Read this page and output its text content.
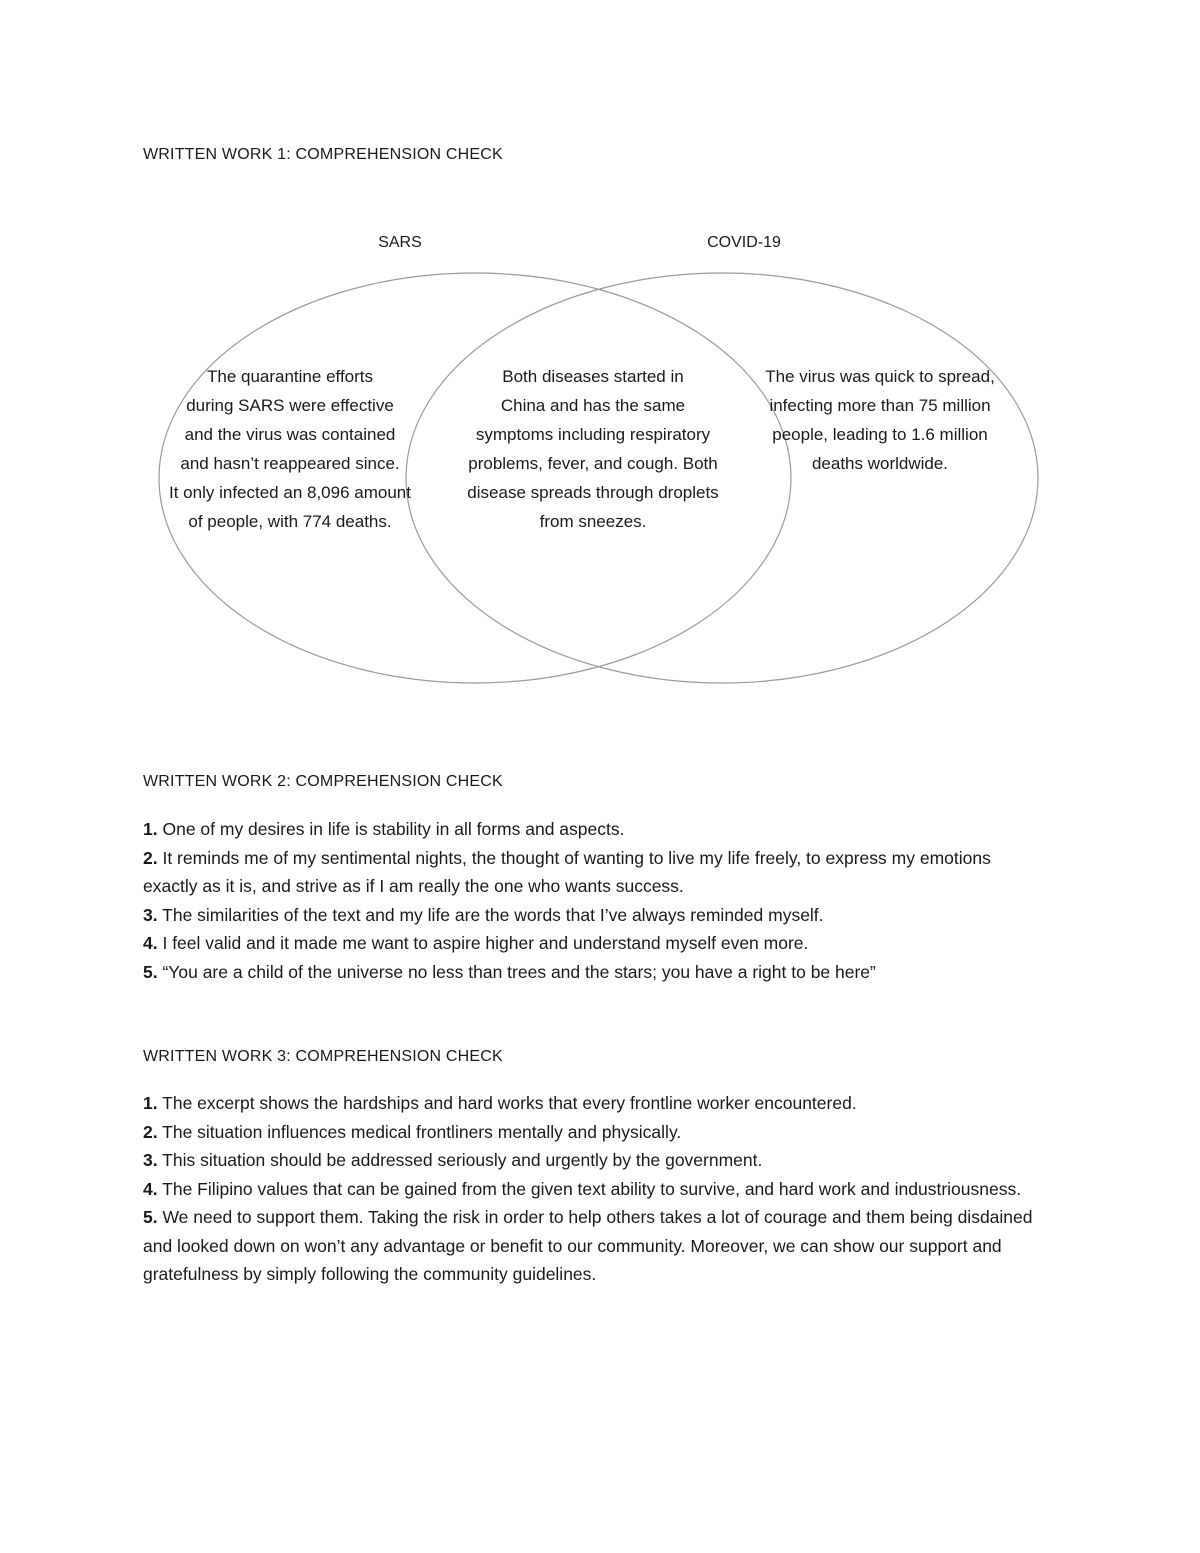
WRITTEN WORK 1: COMPREHENSION CHECK
SARS	COVID-19
The quarantine efforts
during SARS were effective
and the virus was contained
and hasn’t reappeared since.
It only infected an 8,096 amount
of people, with 774 deaths.
Both diseases started in
China and has the same
symptoms including respiratory
problems, fever, and cough. Both
disease spreads through droplets
from sneezes.
The virus was quick to spread,
infecting more than 75 million
people, leading to 1.6 million
deaths worldwide.
WRITTEN WORK 2: COMPREHENSION CHECK
1. One of my desires in life is stability in all forms and aspects.
2. It reminds me of my sentimental nights, the thought of wanting to live my life freely, to express my emotions exactly as it is, and strive as if I am really the one who wants success.
3. The similarities of the text and my life are the words that I’ve always reminded myself.
4. I feel valid and it made me want to aspire higher and understand myself even more.
5. “You are a child of the universe no less than trees and the stars; you have a right to be here”
WRITTEN WORK 3: COMPREHENSION CHECK
1. The excerpt shows the hardships and hard works that every frontline worker encountered.
2. The situation influences medical frontliners mentally and physically.
3. This situation should be addressed seriously and urgently by the government.
4. The Filipino values that can be gained from the given text ability to survive, and hard work and industriousness.
5. We need to support them. Taking the risk in order to help others takes a lot of courage and them being disdained and looked down on won’t any advantage or benefit to our community. Moreover, we can show our support and gratefulness by simply following the community guidelines.
